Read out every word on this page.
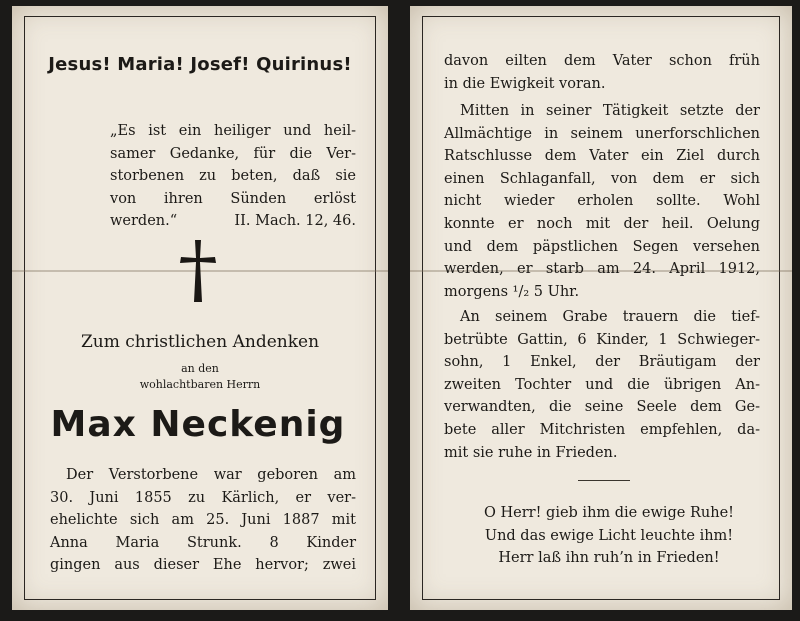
Jesus! Maria! Josef! Quirinus!
„Es ist ein heiliger und heil-
samer Gedanke, für die Ver-
storbenen zu beten, daß sie
von ihren Sünden erlöst
werden.“	II. Mach. 12, 46.
Zum christlichen Andenken
an den
wohlachtbaren Herrn
Max Neckenig
Der Verstorbene war geboren am
30. Juni 1855 zu Kärlich, er ver-
ehelichte sich am 25. Juni 1887 mit
Anna Maria Strunk. 8 Kinder
gingen aus dieser Ehe hervor; zwei
davon eilten dem Vater schon früh
in die Ewigkeit voran.
Mitten in seiner Tätigkeit setzte der
Allmächtige in seinem unerforschlichen
Ratschlusse dem Vater ein Ziel durch
einen Schlaganfall, von dem er sich
nicht wieder erholen sollte. Wohl
konnte er noch mit der heil. Oelung
und dem päpstlichen Segen versehen
werden, er starb am 24. April 1912,
morgens ¹/₂ 5 Uhr.
An seinem Grabe trauern die tief-
betrübte Gattin, 6 Kinder, 1 Schwieger-
sohn, 1 Enkel, der Bräutigam der
zweiten Tochter und die übrigen An-
verwandten, die seine Seele dem Ge-
bete aller Mitchristen empfehlen, da-
mit sie ruhe in Frieden.
O Herr! gieb ihm die ewige Ruhe!
Und das ewige Licht leuchte ihm!
Herr laß ihn ruh’n in Frieden!
